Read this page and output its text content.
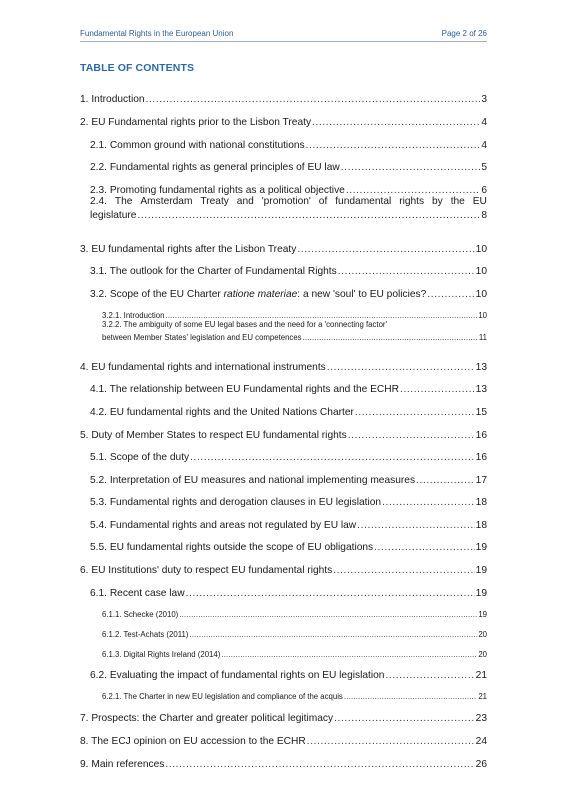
Fundamental Rights in the European Union	Page 2 of 26
TABLE OF CONTENTS
1. Introduction .....	3
2. EU Fundamental rights prior to the Lisbon Treaty .....	4
2.1. Common ground with national constitutions .....	4
2.2. Fundamental rights as general principles of EU law .....	5
2.3. Promoting fundamental rights as a political objective .....	6
2.4. The Amsterdam Treaty and 'promotion' of fundamental rights by the EU
legislature .....	8
3. EU fundamental rights after the Lisbon Treaty .....	10
3.1. The outlook for the Charter of Fundamental Rights .....	10
3.2. Scope of the EU Charter ratione materiae: a new 'soul' to EU policies? .....	10
3.2.1. Introduction .....	10
3.2.2. The ambiguity of some EU legal bases and the need for a 'connecting factor'
between Member States' legislation and EU competences .....	11
4. EU fundamental rights and international instruments .....	13
4.1. The relationship between EU Fundamental rights and the ECHR .....	13
4.2. EU fundamental rights and the United Nations Charter .....	15
5. Duty of Member States to respect EU fundamental rights .....	16
5.1. Scope of the duty .....	16
5.2. Interpretation of EU measures and national implementing measures .....	17
5.3. Fundamental rights and derogation clauses in EU legislation .....	18
5.4. Fundamental rights and areas not regulated by EU law .....	18
5.5. EU fundamental rights outside the scope of EU obligations .....	19
6. EU Institutions' duty to respect EU fundamental rights .....	19
6.1. Recent case law .....	19
6.1.1. Schecke (2010) .....	19
6.1.2. Test-Achats (2011) .....	20
6.1.3. Digital Rights Ireland (2014) .....	20
6.2. Evaluating the impact of fundamental rights on EU legislation .....	21
6.2.1. The Charter in new EU legislation and compliance of the acquis .....	21
7. Prospects: the Charter and greater political legitimacy .....	23
8. The ECJ opinion on EU accession to the ECHR .....	24
9. Main references .....	26
